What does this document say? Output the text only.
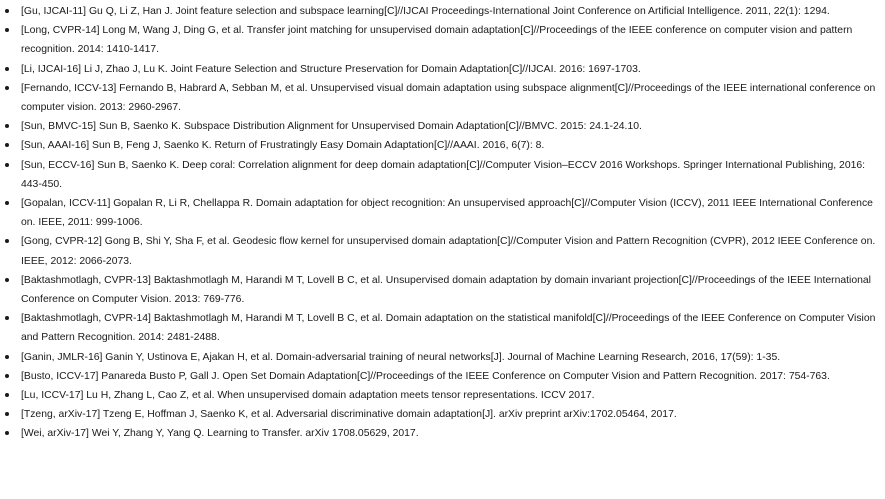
[Gu, IJCAI-11] Gu Q, Li Z, Han J. Joint feature selection and subspace learning[C]//IJCAI Proceedings-International Joint Conference on Artificial Intelligence. 2011, 22(1): 1294.
[Long, CVPR-14] Long M, Wang J, Ding G, et al. Transfer joint matching for unsupervised domain adaptation[C]//Proceedings of the IEEE conference on computer vision and pattern recognition. 2014: 1410-1417.
[Li, IJCAI-16] Li J, Zhao J, Lu K. Joint Feature Selection and Structure Preservation for Domain Adaptation[C]//IJCAI. 2016: 1697-1703.
[Fernando, ICCV-13] Fernando B, Habrard A, Sebban M, et al. Unsupervised visual domain adaptation using subspace alignment[C]//Proceedings of the IEEE international conference on computer vision. 2013: 2960-2967.
[Sun, BMVC-15] Sun B, Saenko K. Subspace Distribution Alignment for Unsupervised Domain Adaptation[C]//BMVC. 2015: 24.1-24.10.
[Sun, AAAI-16] Sun B, Feng J, Saenko K. Return of Frustratingly Easy Domain Adaptation[C]//AAAI. 2016, 6(7): 8.
[Sun, ECCV-16] Sun B, Saenko K. Deep coral: Correlation alignment for deep domain adaptation[C]//Computer Vision–ECCV 2016 Workshops. Springer International Publishing, 2016: 443-450.
[Gopalan, ICCV-11] Gopalan R, Li R, Chellappa R. Domain adaptation for object recognition: An unsupervised approach[C]//Computer Vision (ICCV), 2011 IEEE International Conference on. IEEE, 2011: 999-1006.
[Gong, CVPR-12] Gong B, Shi Y, Sha F, et al. Geodesic flow kernel for unsupervised domain adaptation[C]//Computer Vision and Pattern Recognition (CVPR), 2012 IEEE Conference on. IEEE, 2012: 2066-2073.
[Baktashmotlagh, CVPR-13] Baktashmotlagh M, Harandi M T, Lovell B C, et al. Unsupervised domain adaptation by domain invariant projection[C]//Proceedings of the IEEE International Conference on Computer Vision. 2013: 769-776.
[Baktashmotlagh, CVPR-14] Baktashmotlagh M, Harandi M T, Lovell B C, et al. Domain adaptation on the statistical manifold[C]//Proceedings of the IEEE Conference on Computer Vision and Pattern Recognition. 2014: 2481-2488.
[Ganin, JMLR-16] Ganin Y, Ustinova E, Ajakan H, et al. Domain-adversarial training of neural networks[J]. Journal of Machine Learning Research, 2016, 17(59): 1-35.
[Busto, ICCV-17] Panareda Busto P, Gall J. Open Set Domain Adaptation[C]//Proceedings of the IEEE Conference on Computer Vision and Pattern Recognition. 2017: 754-763.
[Lu, ICCV-17] Lu H, Zhang L, Cao Z, et al. When unsupervised domain adaptation meets tensor representations. ICCV 2017.
[Tzeng, arXiv-17] Tzeng E, Hoffman J, Saenko K, et al. Adversarial discriminative domain adaptation[J]. arXiv preprint arXiv:1702.05464, 2017.
[Wei, arXiv-17] Wei Y, Zhang Y, Yang Q. Learning to Transfer. arXiv 1708.05629, 2017.
